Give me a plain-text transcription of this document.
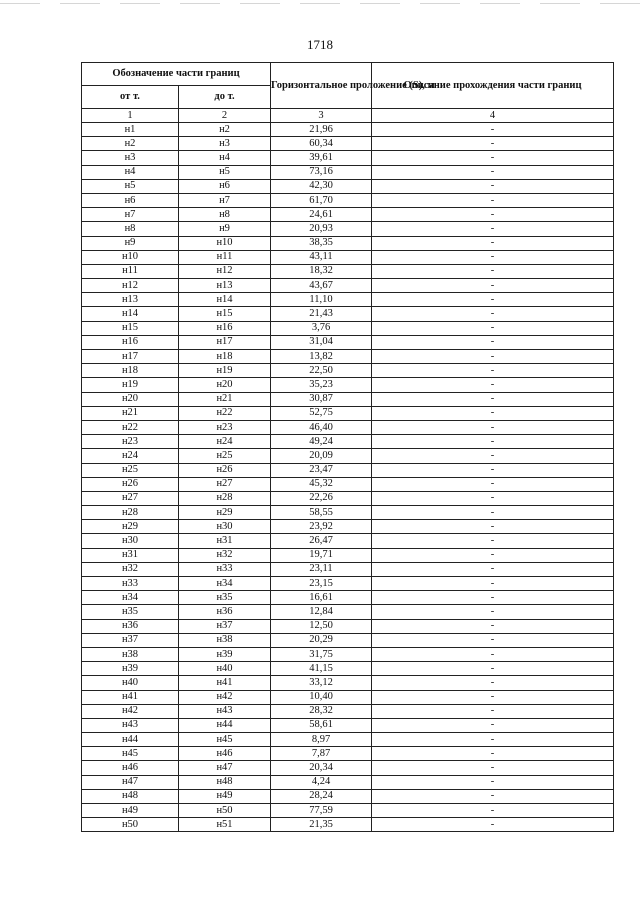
1718
Обозначение части границ		Горизонтальное проложение (S), м	Описание прохождения части границ
от т.	до т.		
1	2	3	4
н1	н2	21,96	-
н2	н3	60,34	-
н3	н4	39,61	-
н4	н5	73,16	-
н5	н6	42,30	-
н6	н7	61,70	-
н7	н8	24,61	-
н8	н9	20,93	-
н9	н10	38,35	-
н10	н11	43,11	-
н11	н12	18,32	-
н12	н13	43,67	-
н13	н14	11,10	-
н14	н15	21,43	-
н15	н16	3,76	-
н16	н17	31,04	-
н17	н18	13,82	-
н18	н19	22,50	-
н19	н20	35,23	-
н20	н21	30,87	-
н21	н22	52,75	-
н22	н23	46,40	-
н23	н24	49,24	-
н24	н25	20,09	-
н25	н26	23,47	-
н26	н27	45,32	-
н27	н28	22,26	-
н28	н29	58,55	-
н29	н30	23,92	-
н30	н31	26,47	-
н31	н32	19,71	-
н32	н33	23,11	-
н33	н34	23,15	-
н34	н35	16,61	-
н35	н36	12,84	-
н36	н37	12,50	-
н37	н38	20,29	-
н38	н39	31,75	-
н39	н40	41,15	-
н40	н41	33,12	-
н41	н42	10,40	-
н42	н43	28,32	-
н43	н44	58,61	-
н44	н45	8,97	-
н45	н46	7,87	-
н46	н47	20,34	-
н47	н48	4,24	-
н48	н49	28,24	-
н49	н50	77,59	-
н50	н51	21,35	-
